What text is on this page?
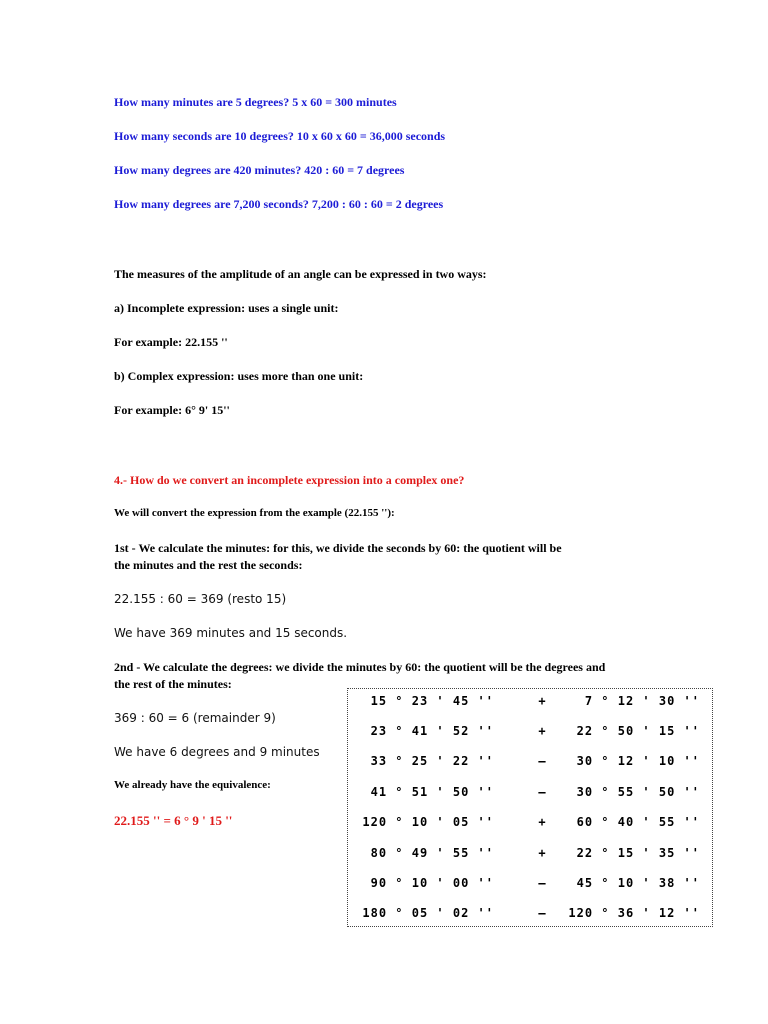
How many minutes are 5 degrees? 5 x 60 = 300 minutes

How many seconds are 10 degrees? 10 x 60 x 60 = 36,000 seconds

How many degrees are 420 minutes? 420 : 60 = 7 degrees

How many degrees are 7,200 seconds? 7,200 : 60 : 60 = 2 degrees

The measures of the amplitude of an angle can be expressed in two ways:

a) Incomplete expression: uses a single unit:

For example: 22.155 ''

b) Complex expression: uses more than one unit:

For example: 6° 9' 15''

4.- How do we convert an incomplete expression into a complex one?

We will convert the expression from the example (22.155 ''):

1st - We calculate the minutes: for this, we divide the seconds by 60: the quotient will be

the minutes and the rest the seconds:

22.155 : 60 = 369 (resto 15)

We have 369 minutes and 15 seconds.

2nd - We calculate the degrees: we divide the minutes by 60: the quotient will be the degrees and

the rest of the minutes:

369 : 60 = 6 (remainder 9)

We have 6 degrees and 9 minutes

We already have the equivalence:

22.155 '' = 6 ° 9 ' 15 ''

15 ° 23 ' 45 ''	+	7 ° 12 ' 30 ''
23 ° 41 ' 52 ''	+	22 ° 50 ' 15 ''
33 ° 25 ' 22 ''	–	30 ° 12 ' 10 ''
41 ° 51 ' 50 ''	–	30 ° 55 ' 50 ''
120 ° 10 ' 05 ''	+	60 ° 40 ' 55 ''
80 ° 49 ' 55 ''	+	22 ° 15 ' 35 ''
90 ° 10 ' 00 ''	–	45 ° 10 ' 38 ''
180 ° 05 ' 02 ''	– 120 ° 36 ' 12 ''
